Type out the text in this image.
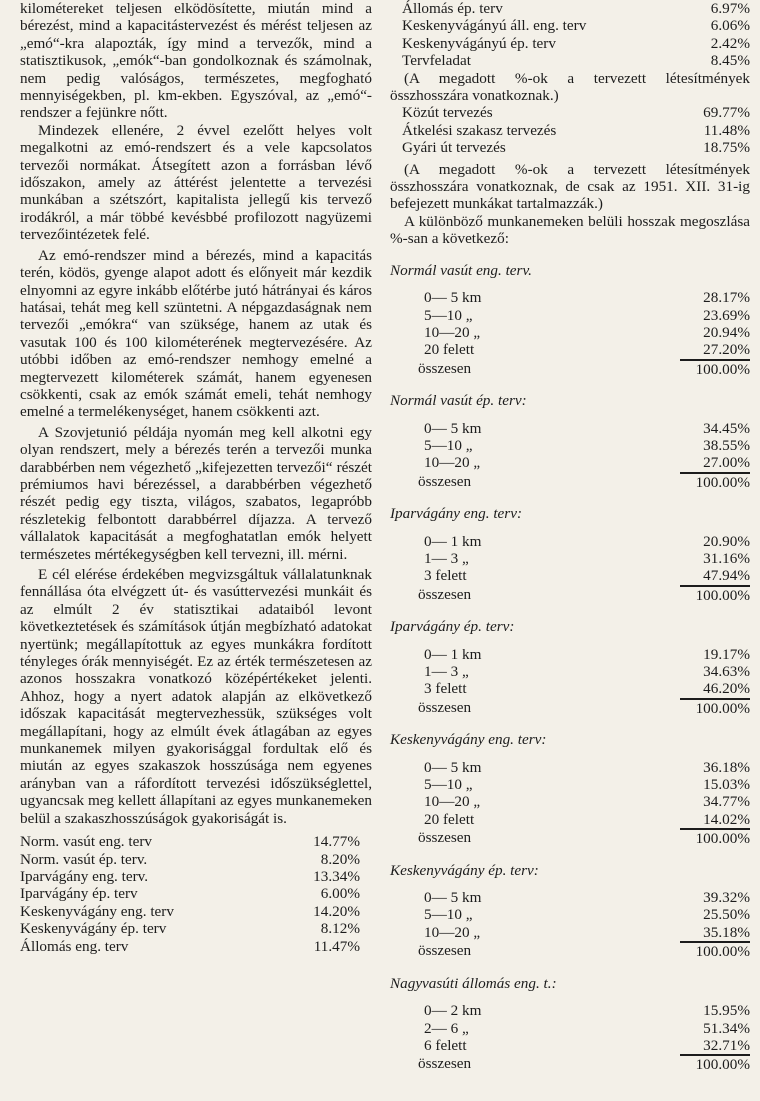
kilométereket teljesen elködösítette, miután mind a bérezést, mind a kapacitástervezést és mérést teljesen az „emó“-kra alapozták, így mind a tervezők, mind a statisztikusok, „emók“-ban gondolkoznak és számolnak, nem pedig valóságos, természetes, megfogható mennyiségekben, pl. km-ekben. Egyszóval, az „emó“-rendszer a fejünkre nőtt.

Mindezek ellenére, 2 évvel ezelőtt helyes volt megalkotni az emó-rendszert és a vele kapcsolatos tervezői normákat. Átsegített azon a forrásban lévő időszakon, amely az áttérést jelentette a tervezési munkában a szétszórt, kapitalista jellegű kis tervező irodákról, a már többé kevésbbé profilozott nagyüzemi tervezőintézetek felé.

Az emó-rendszer mind a bérezés, mind a kapacitás terén, ködös, gyenge alapot adott és előnyeit már kezdik elnyomni az egyre inkább előtérbe jutó hátrányai és káros hatásai, tehát meg kell szüntetni. A népgazdaságnak nem tervezői „emókra“ van szüksége, hanem az utak és vasutak 100 és 100 kilométerének megtervezésére. Az utóbbi időben az emó-rendszer nemhogy emelné a megtervezett kilométerek számát, hanem egyenesen csökkenti, csak az emók számát emeli, tehát nemhogy emelné a termelékenységet, hanem csökkenti azt.

A Szovjetunió példája nyomán meg kell alkotni egy olyan rendszert, mely a bérezés terén a tervezői munka darabbérben nem végezhető „kifejezetten tervezői“ részét prémiumos havi bérezéssel, a darabbérben végezhető részét pedig egy tiszta, világos, szabatos, legapróbb részletekig felbontott darabbérrel díjazza. A tervező vállalatok kapacitását a megfoghatatlan emók helyett természetes mértékegységben kell tervezni, ill. mérni.

E cél elérése érdekében megvizsgáltuk vállalatunknak fennállása óta elvégzett út- és vasúttervezési munkáit és az elmúlt 2 év statisztikai adataiból levont következtetések és számítások útján megbízható adatokat nyertünk; megállapítottuk az egyes munkákra fordított tényleges órák mennyiségét. Ez az érték természetesen az azonos hosszakra vonatkozó középértékeket jelenti. Ahhoz, hogy a nyert adatok alapján az elkövetkező időszak kapacitását megtervezhessük, szükséges volt megállapítani, hogy az elmúlt évek átlagában az egyes munkanemek milyen gyakorisággal fordultak elő és miután az egyes szakaszok hosszúsága nem egyenes arányban van a ráfordított tervezési időszükséglettel, ugyancsak meg kellett állapítani az egyes munkanemeken belül a szakaszhosszúságok gyakoriságát is.

Norm. vasút eng. terv	14.77%
Norm. vasút ép. terv.	8.20%
Iparvágány eng. terv.	13.34%
Iparvágány ép. terv	6.00%
Keskenyvágány eng. terv	14.20%
Keskenyvágány ép. terv	8.12%
Állomás eng. terv	11.47%
Állomás ép. terv	6.97%
Keskenyvágányú áll. eng. terv	6.06%
Keskenyvágányú ép. terv	2.42%
Tervfeladat	8.45%

(A megadott %-ok a tervezett létesítmények összhosszára vonatkoznak.)

Közút tervezés	69.77%
Átkelési szakasz tervezés	11.48%
Gyári út tervezés	18.75%

(A megadott %-ok a tervezett létesítmények összhosszára vonatkoznak, de csak az 1951. XII. 31-ig befejezett munkákat tartalmazzák.)

A különböző munkanemeken belüli hosszak megoszlása %-san a következő:

Normál vasút eng. terv.
0— 5 km	28.17%
5—10 „	23.69%
10—20 „	20.94%
20 felett	27.20%
összesen	100.00%
Normál vasút ép. terv:
0— 5 km	34.45%
5—10 „	38.55%
10—20 „	27.00%
összesen	100.00%
Iparvágány eng. terv:
0— 1 km	20.90%
1— 3 „	31.16%
3 felett	47.94%
összesen	100.00%
Iparvágány ép. terv:
0— 1 km	19.17%
1— 3 „	34.63%
3 felett	46.20%
összesen	100.00%
Keskenyvágány eng. terv:
0— 5 km	36.18%
5—10 „	15.03%
10—20 „	34.77%
20 felett	14.02%
összesen	100.00%
Keskenyvágány ép. terv:
0— 5 km	39.32%
5—10 „	25.50%
10—20 „	35.18%
összesen	100.00%
Nagyvasúti állomás eng. t.:
0— 2 km	15.95%
2— 6 „	51.34%
6 felett	32.71%
összesen	100.00%
